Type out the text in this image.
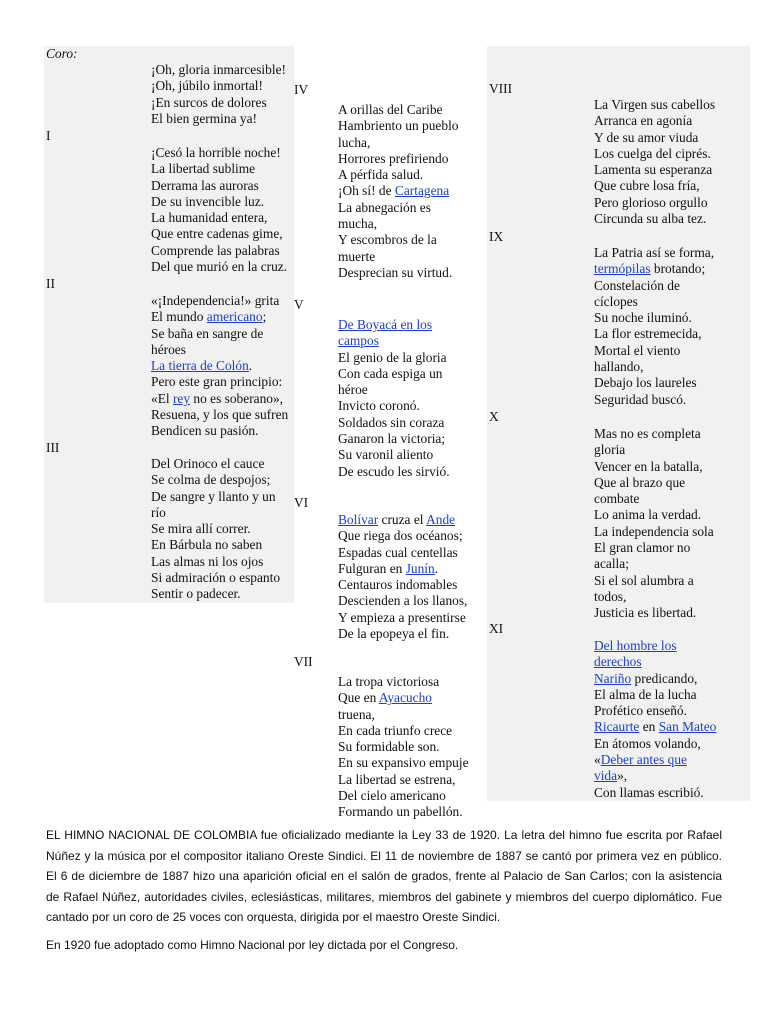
Coro:
¡Oh, gloria inmarcesible!
¡Oh, júbilo inmortal!
¡En surcos de dolores
El bien germina ya!
I
¡Cesó la horrible noche!
La libertad sublime
Derrama las auroras
De su invencible luz.
La humanidad entera,
Que entre cadenas gime,
Comprende las palabras
Del que murió en la cruz.
II
«¡Independencia!» grita
El mundo americano;
Se baña en sangre de
héroes
La tierra de Colón.
Pero este gran principio:
«El rey no es soberano»,
Resuena, y los que sufren
Bendicen su pasión.
III
Del Orinoco el cauce
Se colma de despojos;
De sangre y llanto y un
río
Se mira allí correr.
En Bárbula no saben
Las almas ni los ojos
Si admiración o espanto
Sentir o padecer.
IV
A orillas del Caribe
Hambriento un pueblo
lucha,
Horrores prefiriendo
A pérfida salud.
¡Oh sí! de Cartagena
La abnegación es
mucha,
Y escombros de la
muerte
Desprecian su virtud.
V
De Boyacá en los
campos
El genio de la gloria
Con cada espiga un
héroe
Invicto coronó.
Soldados sin coraza
Ganaron la victoria;
Su varonil aliento
De escudo les sirvió.
VI
Bolívar cruza el Ande
Que riega dos océanos;
Espadas cual centellas
Fulguran en Junín.
Centauros indomables
Descienden a los llanos,
Y empieza a presentirse
De la epopeya el fin.
VII
La tropa victoriosa
Que en Ayacucho
truena,
En cada triunfo crece
Su formidable son.
En su expansivo empuje
La libertad se estrena,
Del cielo americano
Formando un pabellón.
VIII
La Virgen sus cabellos
Arranca en agonía
Y de su amor viuda
Los cuelga del ciprés.
Lamenta su esperanza
Que cubre losa fría,
Pero glorioso orgullo
Circunda su alba tez.
IX
La Patria así se forma,
termópilas brotando;
Constelación de
cíclopes
Su noche iluminó.
La flor estremecida,
Mortal el viento
hallando,
Debajo los laureles
Seguridad buscó.
X
Mas no es completa
gloria
Vencer en la batalla,
Que al brazo que
combate
Lo anima la verdad.
La independencia sola
El gran clamor no
acalla;
Si el sol alumbra a
todos,
Justicia es libertad.
XI
Del hombre los
derechos
Nariño predicando,
El alma de la lucha
Profético enseñó.
Ricaurte en San Mateo
En átomos volando,
«Deber antes que
vida»,
Con llamas escribió.
EL HIMNO NACIONAL DE COLOMBIA fue oficializado mediante la Ley 33 de 1920. La letra del himno fue escrita por Rafael Núñez y la música por el compositor italiano Oreste Sindici. El 11 de noviembre de 1887 se cantó por primera vez en público. El 6 de diciembre de 1887 hizo una aparición oficial en el salón de grados, frente al Palacio de San Carlos; con la asistencia de Rafael Núñez, autoridades civiles, eclesiásticas, militares, miembros del gabinete y miembros del cuerpo diplomático. Fue cantado por un coro de 25 voces con orquesta, dirigida por el maestro Oreste Sindici.
En 1920 fue adoptado como Himno Nacional por ley dictada por el Congreso.
